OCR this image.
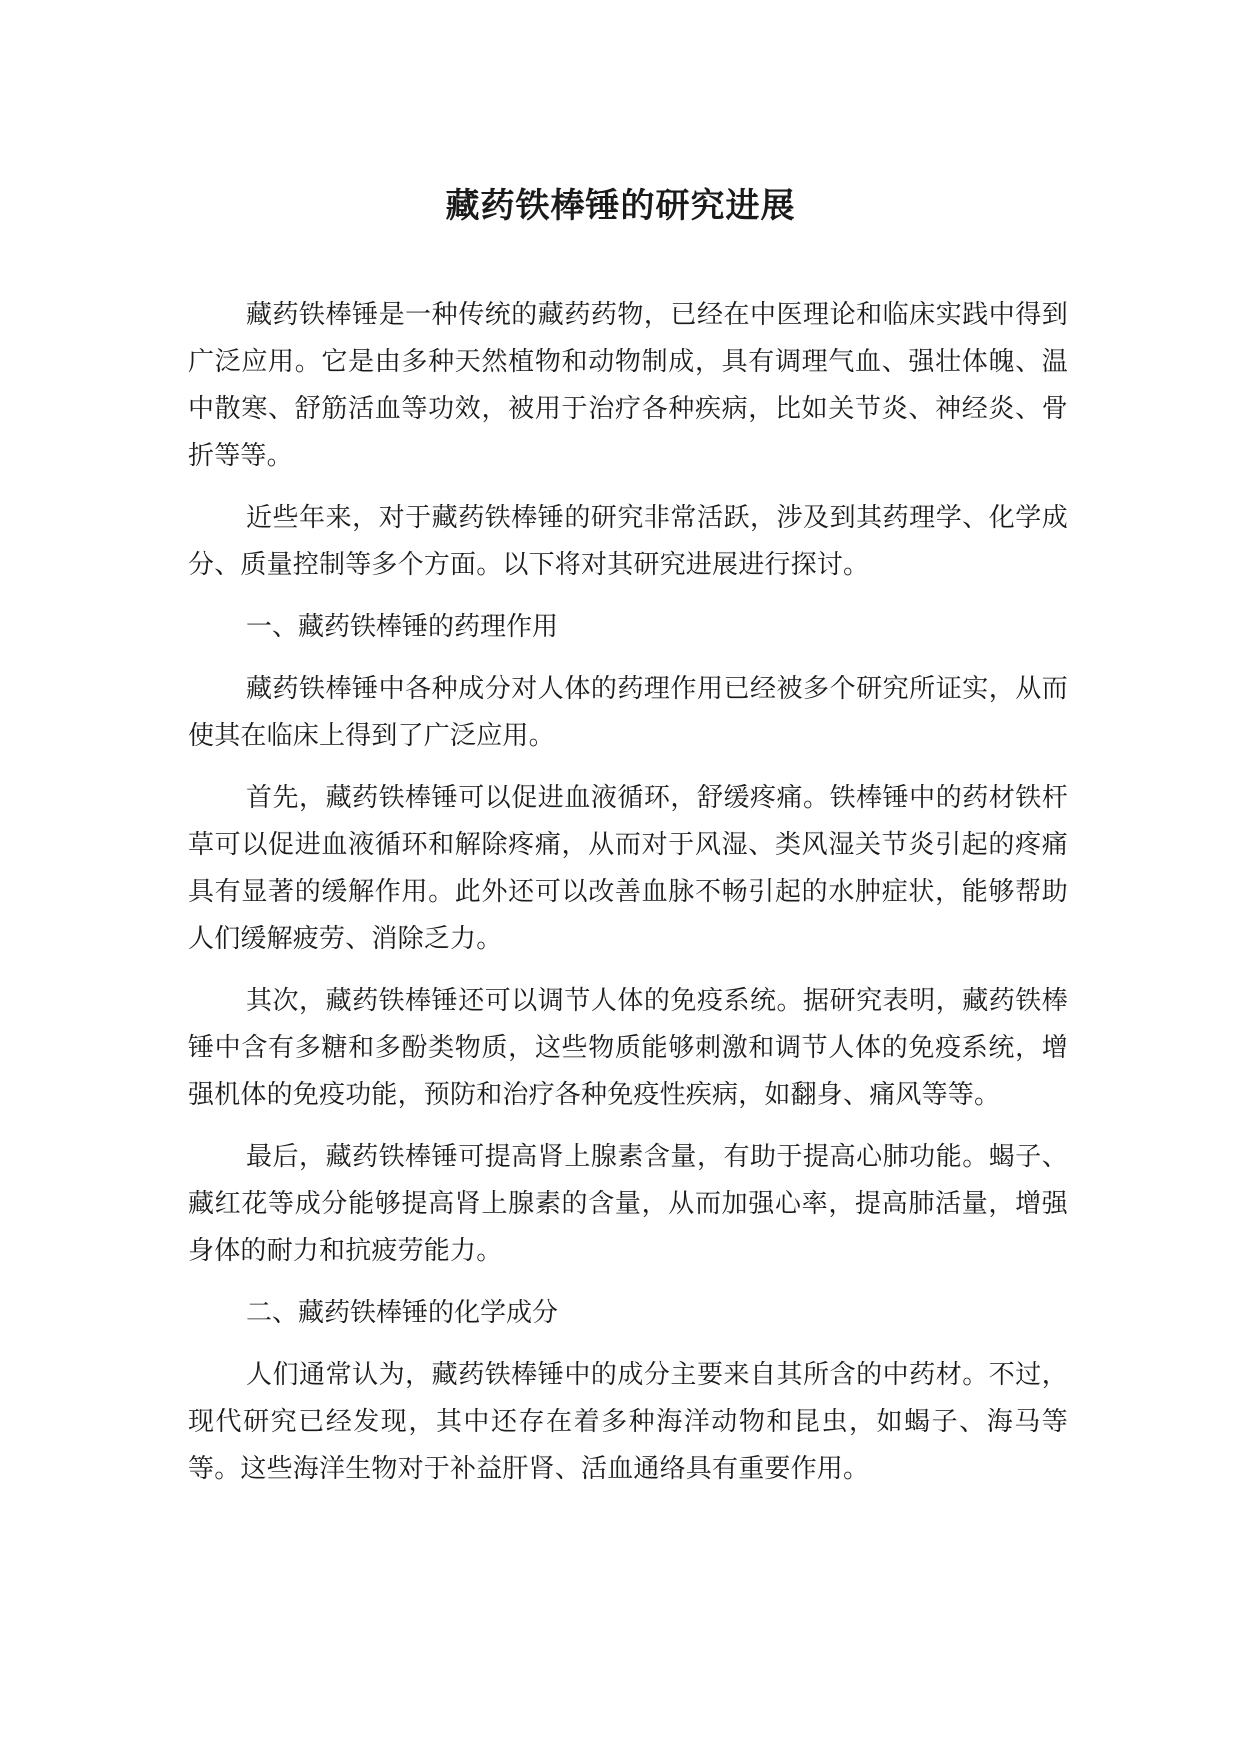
藏药铁棒锤的研究进展

藏药铁棒锤是一种传统的藏药药物，已经在中医理论和临床实践中得到广泛应用。它是由多种天然植物和动物制成，具有调理气血、强壮体魄、温中散寒、舒筋活血等功效，被用于治疗各种疾病，比如关节炎、神经炎、骨折等等。

近些年来，对于藏药铁棒锤的研究非常活跃，涉及到其药理学、化学成分、质量控制等多个方面。以下将对其研究进展进行探讨。

一、藏药铁棒锤的药理作用

藏药铁棒锤中各种成分对人体的药理作用已经被多个研究所证实，从而使其在临床上得到了广泛应用。

首先，藏药铁棒锤可以促进血液循环，舒缓疼痛。铁棒锤中的药材铁杆草可以促进血液循环和解除疼痛，从而对于风湿、类风湿关节炎引起的疼痛具有显著的缓解作用。此外还可以改善血脉不畅引起的水肿症状，能够帮助人们缓解疲劳、消除乏力。

其次，藏药铁棒锤还可以调节人体的免疫系统。据研究表明，藏药铁棒锤中含有多糖和多酚类物质，这些物质能够刺激和调节人体的免疫系统，增强机体的免疫功能，预防和治疗各种免疫性疾病，如翻身、痛风等等。

最后，藏药铁棒锤可提高肾上腺素含量，有助于提高心肺功能。蝎子、藏红花等成分能够提高肾上腺素的含量，从而加强心率，提高肺活量，增强身体的耐力和抗疲劳能力。

二、藏药铁棒锤的化学成分

人们通常认为，藏药铁棒锤中的成分主要来自其所含的中药材。不过，现代研究已经发现，其中还存在着多种海洋动物和昆虫，如蝎子、海马等等。这些海洋生物对于补益肝肾、活血通络具有重要作用。
